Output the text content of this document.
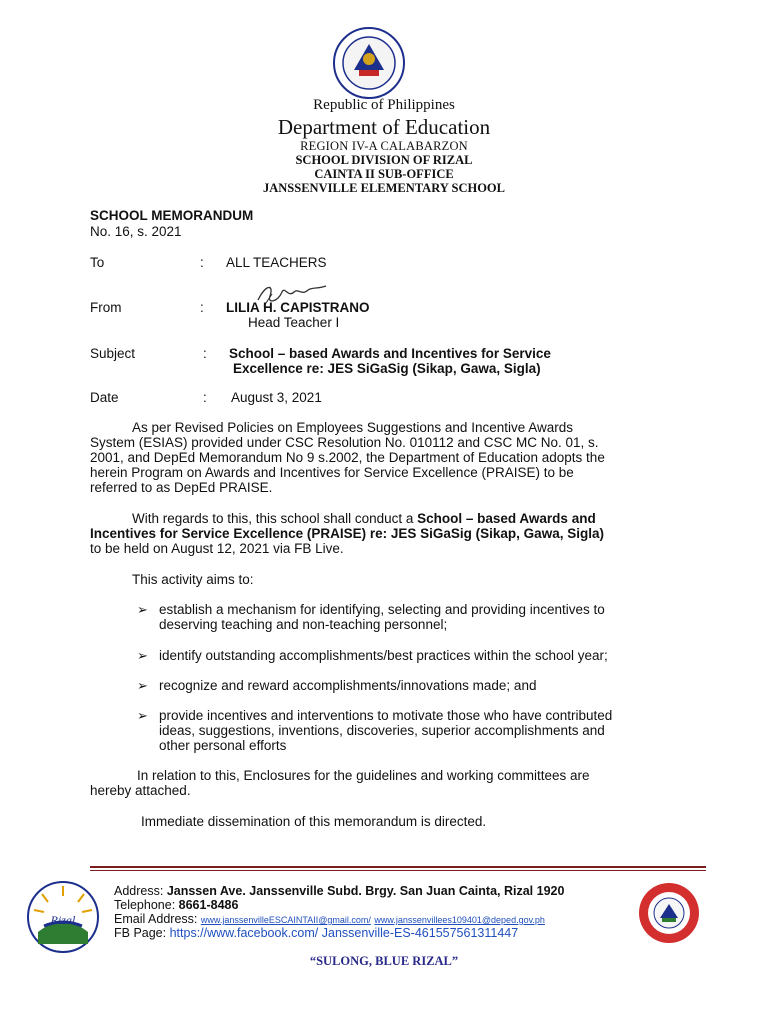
Republic of Philippines
Department of Education
REGION IV-A CALABARZON
SCHOOL DIVISION OF RIZAL
CAINTA II SUB-OFFICE
JANSSENVILLE ELEMENTARY SCHOOL
SCHOOL MEMORANDUM
No. 16, s. 2021
To	: ALL TEACHERS
From	: LILIA H. CAPISTRANO
Head Teacher I
Subject	: School – based Awards and Incentives for Service
Excellence re: JES SiGaSig (Sikap, Gawa, Sigla)
Date	: August 3, 2021
As per Revised Policies on Employees Suggestions and Incentive Awards
System (ESIAS) provided under CSC Resolution No. 010112 and CSC MC No. 01, s.
2001, and DepEd Memorandum No 9 s.2002, the Department of Education adopts the
herein Program on Awards and Incentives for Service Excellence (PRAISE) to be
referred to as DepEd PRAISE.
With regards to this, this school shall conduct a School – based Awards and
Incentives for Service Excellence (PRAISE) re: JES SiGaSig (Sikap, Gawa, Sigla)
to be held on August 12, 2021 via FB Live.
This activity aims to:
➢ establish a mechanism for identifying, selecting and providing incentives to
deserving teaching and non-teaching personnel;
➢ identify outstanding accomplishments/best practices within the school year;
➢ recognize and reward accomplishments/innovations made; and
➢ provide incentives and interventions to motivate those who have contributed
ideas, suggestions, inventions, discoveries, superior accomplishments and
other personal efforts
In relation to this, Enclosures for the guidelines and working committees are
hereby attached.
Immediate dissemination of this memorandum is directed.
Rizal
Address: Janssen Ave. Janssenville Subd. Brgy. San Juan Cainta, Rizal 1920
Telephone: 8661-8486
Email Address: www.janssenvilleESCAINTAII@gmail.com/ www.janssenvillees109401@deped.gov.ph
FB Page: https://www.facebook.com/ Janssenville-ES-461557561311447
“SULONG, BLUE RIZAL”
